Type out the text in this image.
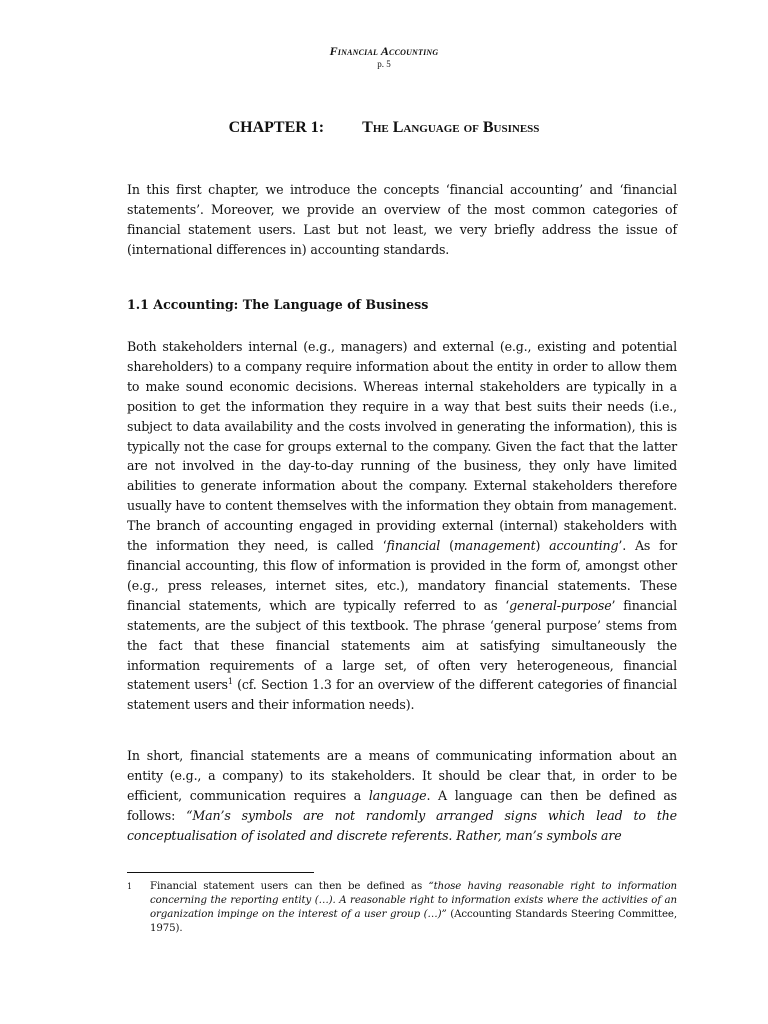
Financial Accounting
p. 5
CHAPTER 1: The Language of Business

In this first chapter, we introduce the concepts ‘financial accounting’ and ‘financial statements’. Moreover, we provide an overview of the most common categories of financial statement users. Last but not least, we very briefly address the issue of (international differences in) accounting standards.

1.1 Accounting: The Language of Business

Both stakeholders internal (e.g., managers) and external (e.g., existing and potential shareholders) to a company require information about the entity in order to allow them to make sound economic decisions. Whereas internal stakeholders are typically in a position to get the information they require in a way that best suits their needs (i.e., subject to data availability and the costs involved in generating the information), this is typically not the case for groups external to the company. Given the fact that the latter are not involved in the day-to-day running of the business, they only have limited abilities to generate information about the company. External stakeholders therefore usually have to content themselves with the information they obtain from management. The branch of accounting engaged in providing external (internal) stakeholders with the information they need, is called ‘financial (management) accounting’. As for financial accounting, this flow of information is provided in the form of, amongst other (e.g., press releases, internet sites, etc.), mandatory financial statements. These financial statements, which are typically referred to as ‘general-purpose’ financial statements, are the subject of this textbook. The phrase ‘general purpose’ stems from the fact that these financial statements aim at satisfying simultaneously the information requirements of a large set, of often very heterogeneous, financial statement users$^1$ (cf. Section 1.3 for an overview of the different categories of financial statement users and their information needs).

In short, financial statements are a means of communicating information about an entity (e.g., a company) to its stakeholders. It should be clear that, in order to be efficient, communication requires a language. A language can then be defined as follows: “Man’s symbols are not randomly arranged signs which lead to the conceptualisation of isolated and discrete referents. Rather, man’s symbols are

1 Financial statement users can then be defined as “those having reasonable right to information concerning the reporting entity (…). A reasonable right to information exists where the activities of an organization impinge on the interest of a user group (…)” (Accounting Standards Steering Committee, 1975).
